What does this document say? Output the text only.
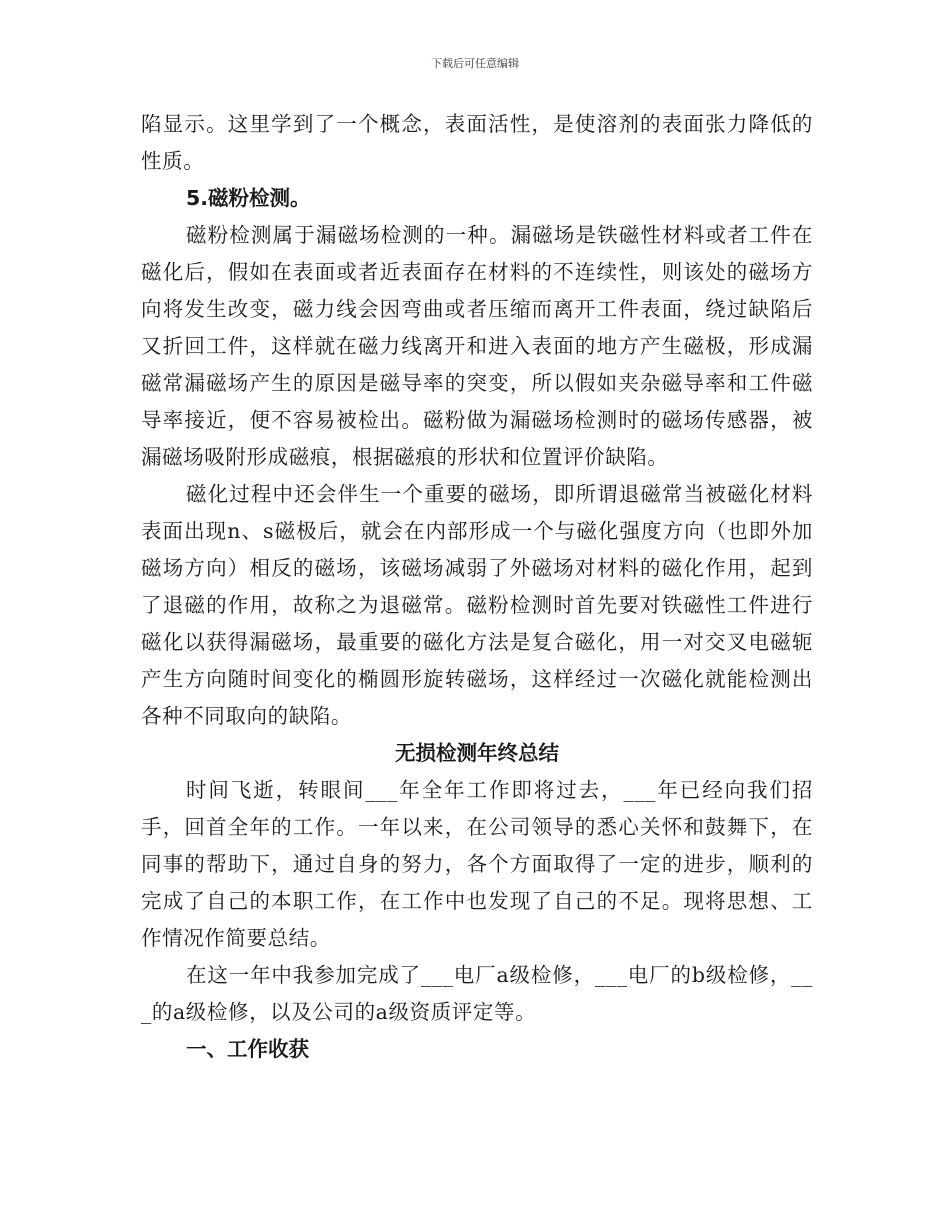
下载后可任意编辑

陷显示。这里学到了一个概念，表面活性，是使溶剂的表面张力降低的性质。

5.磁粉检测。

磁粉检测属于漏磁场检测的一种。漏磁场是铁磁性材料或者工件在磁化后，假如在表面或者近表面存在材料的不连续性，则该处的磁场方向将发生改变，磁力线会因弯曲或者压缩而离开工件表面，绕过缺陷后又折回工件，这样就在磁力线离开和进入表面的地方产生磁极，形成漏磁常漏磁场产生的原因是磁导率的突变，所以假如夹杂磁导率和工件磁导率接近，便不容易被检出。磁粉做为漏磁场检测时的磁场传感器，被漏磁场吸附形成磁痕，根据磁痕的形状和位置评价缺陷。

磁化过程中还会伴生一个重要的磁场，即所谓退磁常当被磁化材料表面出现n、s磁极后，就会在内部形成一个与磁化强度方向（也即外加磁场方向）相反的磁场，该磁场减弱了外磁场对材料的磁化作用，起到了退磁的作用，故称之为退磁常。磁粉检测时首先要对铁磁性工件进行磁化以获得漏磁场，最重要的磁化方法是复合磁化，用一对交叉电磁轭产生方向随时间变化的椭圆形旋转磁场，这样经过一次磁化就能检测出各种不同取向的缺陷。

无损检测年终总结

时间飞逝，转眼间___年全年工作即将过去，___年已经向我们招手，回首全年的工作。一年以来，在公司领导的悉心关怀和鼓舞下，在同事的帮助下，通过自身的努力，各个方面取得了一定的进步，顺利的完成了自己的本职工作，在工作中也发现了自己的不足。现将思想、工作情况作简要总结。

在这一年中我参加完成了___电厂a级检修，___电厂的b级检修，___的a级检修，以及公司的a级资质评定等。

一、工作收获
